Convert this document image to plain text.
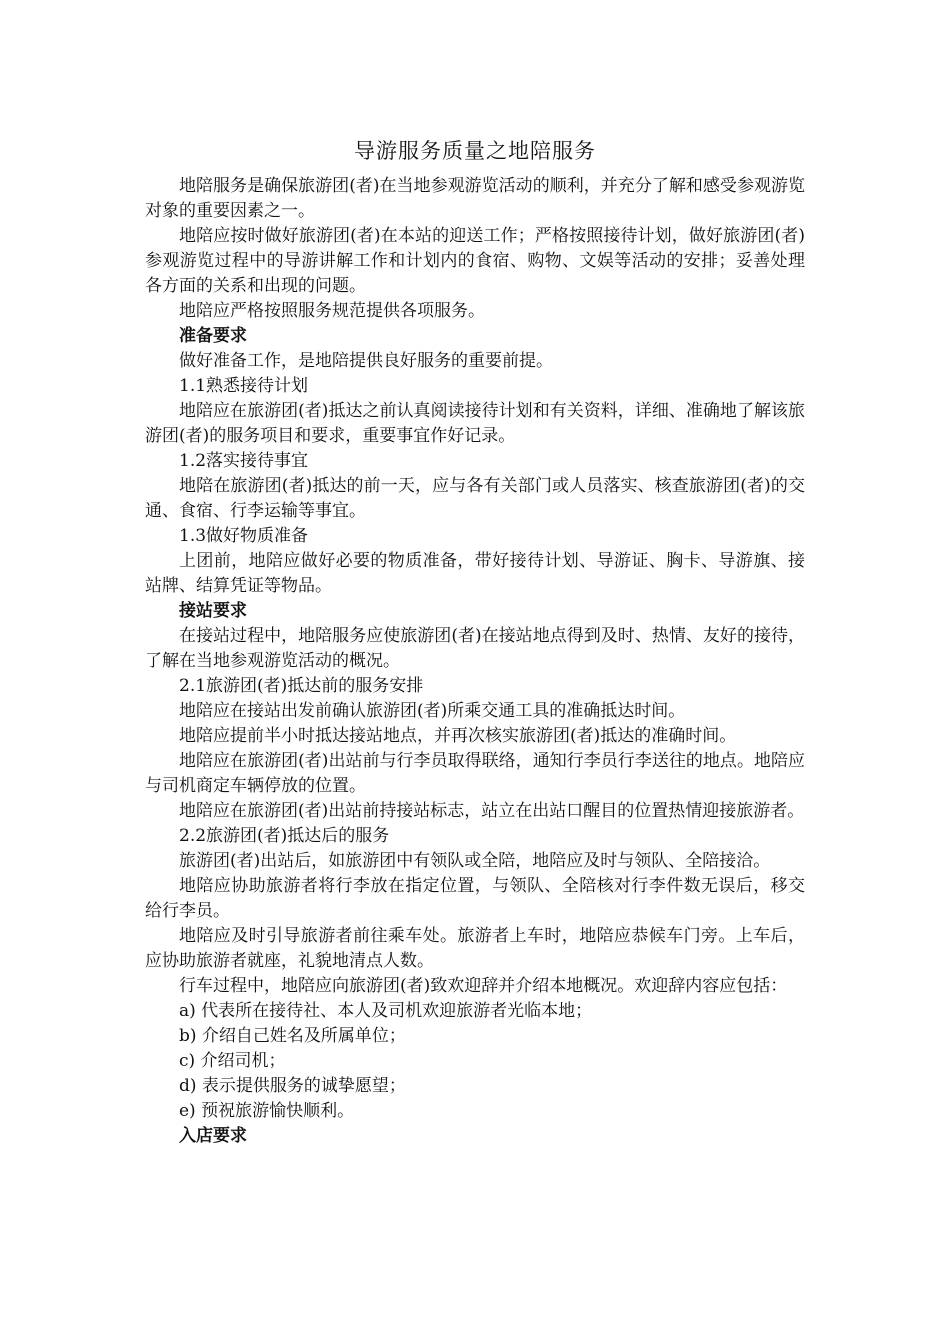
导游服务质量之地陪服务

地陪服务是确保旅游团(者)在当地参观游览活动的顺利，并充分了解和感受参观游览对象的重要因素之一。

地陪应按时做好旅游团(者)在本站的迎送工作；严格按照接待计划，做好旅游团(者)参观游览过程中的导游讲解工作和计划内的食宿、购物、文娱等活动的安排；妥善处理各方面的关系和出现的问题。

地陪应严格按照服务规范提供各项服务。

准备要求

做好准备工作，是地陪提供良好服务的重要前提。

1.1熟悉接待计划

地陪应在旅游团(者)抵达之前认真阅读接待计划和有关资料，详细、准确地了解该旅游团(者)的服务项目和要求，重要事宜作好记录。

1.2落实接待事宜

地陪在旅游团(者)抵达的前一天，应与各有关部门或人员落实、核查旅游团(者)的交通、食宿、行李运输等事宜。

1.3做好物质准备

上团前，地陪应做好必要的物质准备，带好接待计划、导游证、胸卡、导游旗、接站牌、结算凭证等物品。

接站要求

在接站过程中，地陪服务应使旅游团(者)在接站地点得到及时、热情、友好的接待，了解在当地参观游览活动的概况。

2.1旅游团(者)抵达前的服务安排

地陪应在接站出发前确认旅游团(者)所乘交通工具的准确抵达时间。

地陪应提前半小时抵达接站地点，并再次核实旅游团(者)抵达的准确时间。

地陪应在旅游团(者)出站前与行李员取得联络，通知行李员行李送往的地点。地陪应与司机商定车辆停放的位置。

地陪应在旅游团(者)出站前持接站标志，站立在出站口醒目的位置热情迎接旅游者。

2.2旅游团(者)抵达后的服务

旅游团(者)出站后，如旅游团中有领队或全陪，地陪应及时与领队、全陪接洽。

地陪应协助旅游者将行李放在指定位置，与领队、全陪核对行李件数无误后，移交给行李员。

地陪应及时引导旅游者前往乘车处。旅游者上车时，地陪应恭候车门旁。上车后，应协助旅游者就座，礼貌地清点人数。

行车过程中，地陪应向旅游团(者)致欢迎辞并介绍本地概况。欢迎辞内容应包括：

a) 代表所在接待社、本人及司机欢迎旅游者光临本地；

b) 介绍自己姓名及所属单位；

c) 介绍司机；

d) 表示提供服务的诚挚愿望；

e) 预祝旅游愉快顺利。

入店要求
